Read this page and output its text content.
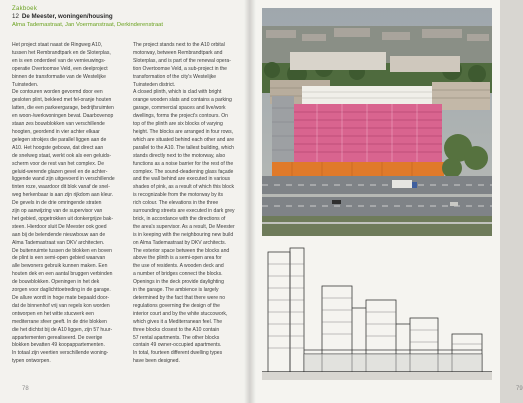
Zakboek
12 De Meester, woningen/housing
Alma Tademastraat, Jan Voermanstraat, Derkinderenstraat

Het project staat naast de Ringweg A10,
tussen het Rembrandtpark en de Sloterplas,
en is een onderdeel van de vernieuwings-
operatie Overtoomse Veld, een deelproject
binnen de transformatie van de Westelijke
Tuinsteden.
De contouren worden gevormd door een
gesloten plint, bekleed met fel-oranje houten
latten, die een parkeergarage, bedrijfsruimten
en woon-/werkwoningen bevat. Daarbovenop
staan zes bouwblokken van verschillende
hoogten, geordend in vier achter elkaar
gelegen strokjes die parallel liggen aan de
A10. Het hoogste gebouw, dat direct aan
de snelweg staat, werkt ook als een geluids-
scherm voor de rest van het complex. De
geluid-werende glazen gevel en de achter-
liggende wand zijn uitgevoerd in verschillende
tinten roze, waardoor dit blok vanaf de snel-
weg herkenbaar is aan zijn rijkdom aan kleur.
De gevels in de drie omringende straten
zijn op aanwijzing van de supervisor van
het gebied, opgetrokken uit donkergrijze bak-
steen. Hierdoor sluit De Meester ook goed
aan bij de belendende nieuwbouw aan de
Alma Tademastraat van DKV architecten.
De buitenruimte tussen de blokken en boven
de plint is een semi-open gebied waarvan
alle bewoners gebruik kunnen maken. Een
houten dek en een aantal bruggen verbinden
de bouwblokken. Openingen in het dek
zorgen voor daglichttoetreding in de garage.
De allure wordt in hoge mate bepaald door-
dat de binnenhof vrij van regels kon worden
ontworpen en het witte stucwerk een
mediterrane sfeer geeft. In de drie blokken
die het dichtst bij de A10 liggen, zijn 57 huur-
appartementen gerealiseerd. De overige
blokken bevatten 49 koopappartementen.
In totaal zijn veertien verschillende woning-
typen ontworpen.

The project stands next to the A10 orbital
motorway, between Rembrandtpark and
Sloterplas, and is part of the renewal opera-
tion Overtoomse Veld, a sub-project in the
transformation of the city's Westelijke
Tuinsteden district.
A closed plinth, which is clad with bright
orange wooden slats and contains a parking
garage, commercial spaces and live/work
dwellings, forms the project's contours. On
top of the plinth are six blocks of varying
height. The blocks are arranged in four rows,
which are situated behind each other and are
parallel to the A10. The tallest building, which
stands directly next to the motorway, also
functions as a noise barrier for the rest of the
complex. The sound-deadening glass façade
and the wall behind are executed in various
shades of pink, as a result of which this block
is recognizable from the motorway by its
rich colour. The elevations in the three
surrounding streets are executed in dark grey
brick, in accordance with the directions of
the area's supervisor. As a result, De Meester
is in keeping with the neighbouring new build
on Alma Tademastraat by DKV architects.
The exterior space between the blocks and
above the plinth is a semi-open area for
the use of residents. A wooden deck and
a number of bridges connect the blocks.
Openings in the deck provide daylighting
in the garage. The ambience is largely
determined by the fact that there were no
regulations governing the design of the
interior court and by the white stuccowork,
which gives it a Mediterranean feel. The
three blocks closest to the A10 contain
57 rental apartments. The other blocks
contain 49 owner-occupied apartments.
In total, fourteen different dwelling types
have been designed.

78	79
